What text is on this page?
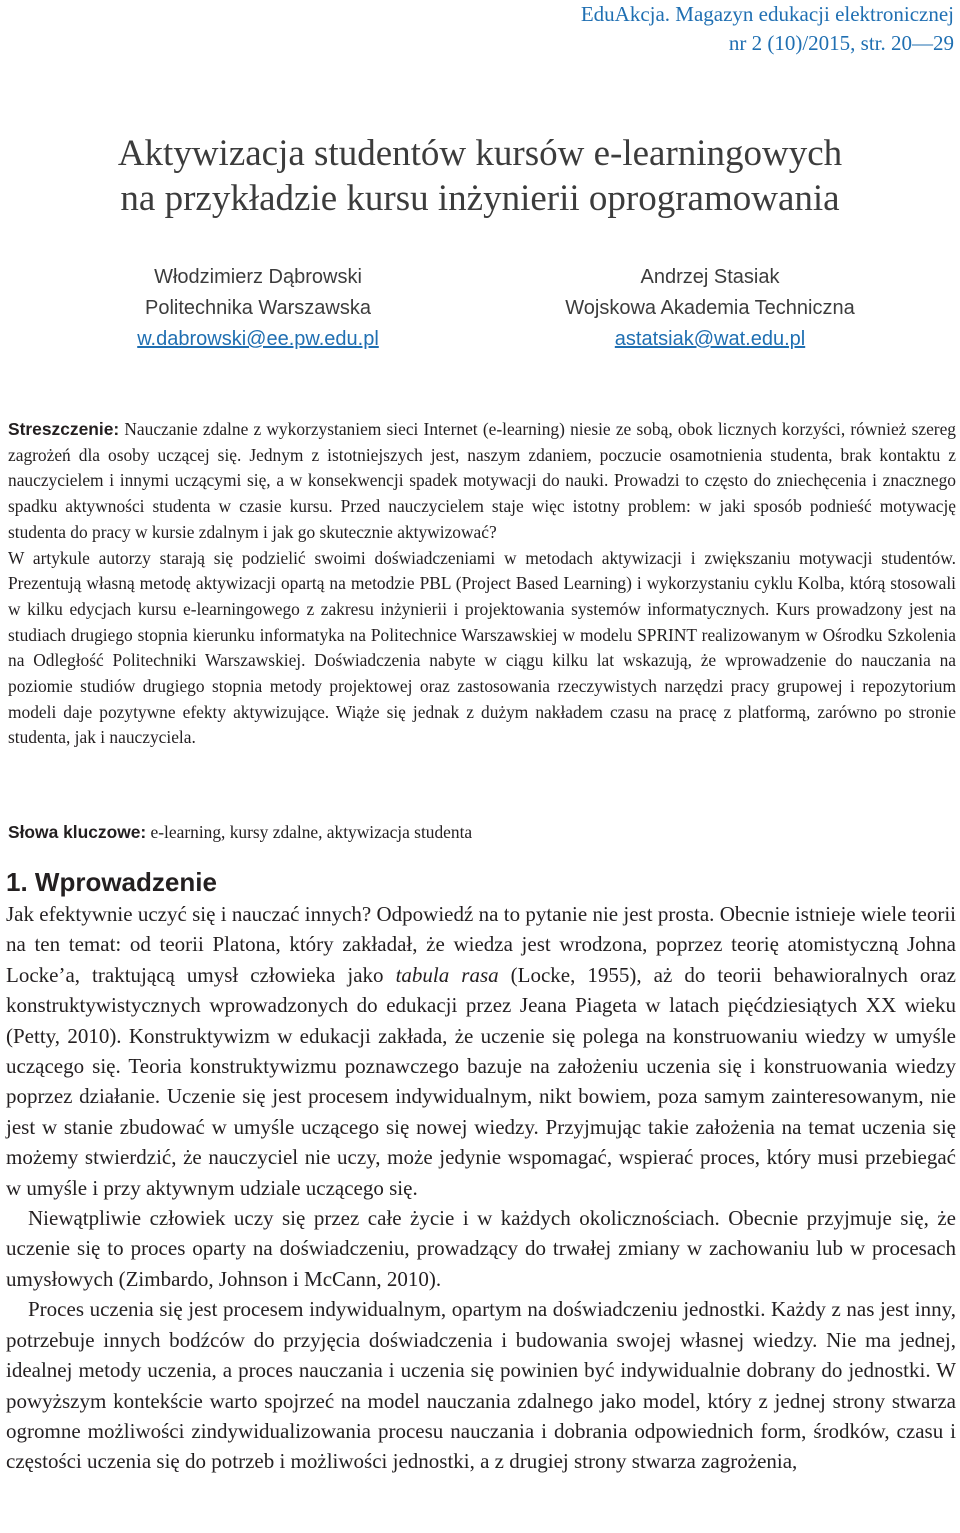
EduAkcja. Magazyn edukacji elektronicznej
nr 2 (10)/2015, str. 20—29
Aktywizacja studentów kursów e-learningowych
na przykładzie kursu inżynierii oprogramowania
Włodzimierz Dąbrowski
Politechnika Warszawska
w.dabrowski@ee.pw.edu.pl
Andrzej Stasiak
Wojskowa Akademia Techniczna
astatsiak@wat.edu.pl

Streszczenie: Nauczanie zdalne z wykorzystaniem sieci Internet (e-learning) niesie ze sobą, obok licznych korzyści, również szereg zagrożeń dla osoby uczącej się. Jednym z istotniejszych jest, naszym zdaniem, poczucie osamotnienia studenta, brak kontaktu z nauczycielem i innymi uczącymi się, a w konsekwencji spadek motywacji do nauki. Prowadzi to często do zniechęcenia i znacznego spadku aktywności studenta w czasie kursu. Przed nauczycielem staje więc istotny problem: w jaki sposób podnieść motywację studenta do pracy w kursie zdalnym i jak go skutecznie aktywizować?

W artykule autorzy starają się podzielić swoimi doświadczeniami w metodach aktywizacji i zwiększaniu motywacji studentów. Prezentują własną metodę aktywizacji opartą na metodzie PBL (Project Based Learning) i wykorzystaniu cyklu Kolba, którą stosowali w kilku edycjach kursu e-learningowego z zakresu inżynierii i projektowania systemów informatycznych. Kurs prowadzony jest na studiach drugiego stopnia kierunku informatyka na Politechnice Warszawskiej w modelu SPRINT realizowanym w Ośrodku Szkolenia na Odległość Politechniki Warszawskiej. Doświadczenia nabyte w ciągu kilku lat wskazują, że wprowadzenie do nauczania na poziomie studiów drugiego stopnia metody projektowej oraz zastosowania rzeczywistych narzędzi pracy grupowej i repozytorium modeli daje pozytywne efekty aktywizujące. Wiąże się jednak z dużym nakładem czasu na pracę z platformą, zarówno po stronie studenta, jak i nauczyciela.

Słowa kluczowe: e-learning, kursy zdalne, aktywizacja studenta
1. Wprowadzenie

Jak efektywnie uczyć się i nauczać innych? Odpowiedź na to pytanie nie jest prosta. Obecnie istnieje wiele teorii na ten temat: od teorii Platona, który zakładał, że wiedza jest wrodzona, poprzez teorię atomistyczną Johna Locke’a, traktującą umysł człowieka jako tabula rasa (Locke, 1955), aż do teorii behawioralnych oraz konstruktywistycznych wprowadzonych do edukacji przez Jeana Piageta w latach pięćdziesiątych XX wieku (Petty, 2010). Konstruktywizm w edukacji zakłada, że uczenie się polega na konstruowaniu wiedzy w umyśle uczącego się. Teoria konstruktywizmu poznawczego bazuje na założeniu uczenia się i konstruowania wiedzy poprzez działanie. Uczenie się jest procesem indywidualnym, nikt bowiem, poza samym zainteresowanym, nie jest w stanie zbudować w umyśle uczącego się nowej wiedzy. Przyjmując takie założenia na temat uczenia się możemy stwierdzić, że nauczyciel nie uczy, może jedynie wspomagać, wspierać proces, który musi przebiegać w umyśle i przy aktywnym udziale uczącego się.

Niewątpliwie człowiek uczy się przez całe życie i w każdych okolicznościach. Obecnie przyjmuje się, że uczenie się to proces oparty na doświadczeniu, prowadzący do trwałej zmiany w zachowaniu lub w procesach umysłowych (Zimbardo, Johnson i McCann, 2010).

Proces uczenia się jest procesem indywidualnym, opartym na doświadczeniu jednostki. Każdy z nas jest inny, potrzebuje innych bodźców do przyjęcia doświadczenia i budowania swojej własnej wiedzy. Nie ma jednej, idealnej metody uczenia, a proces nauczania i uczenia się powinien być indywidualnie dobrany do jednostki. W powyższym kontekście warto spojrzeć na model nauczania zdalnego jako model, który z jednej strony stwarza ogromne możliwości zindywidualizowania procesu nauczania i dobrania odpowiednich form, środków, czasu i częstości uczenia się do potrzeb i możliwości jednostki, a z drugiej strony stwarza zagrożenia,
